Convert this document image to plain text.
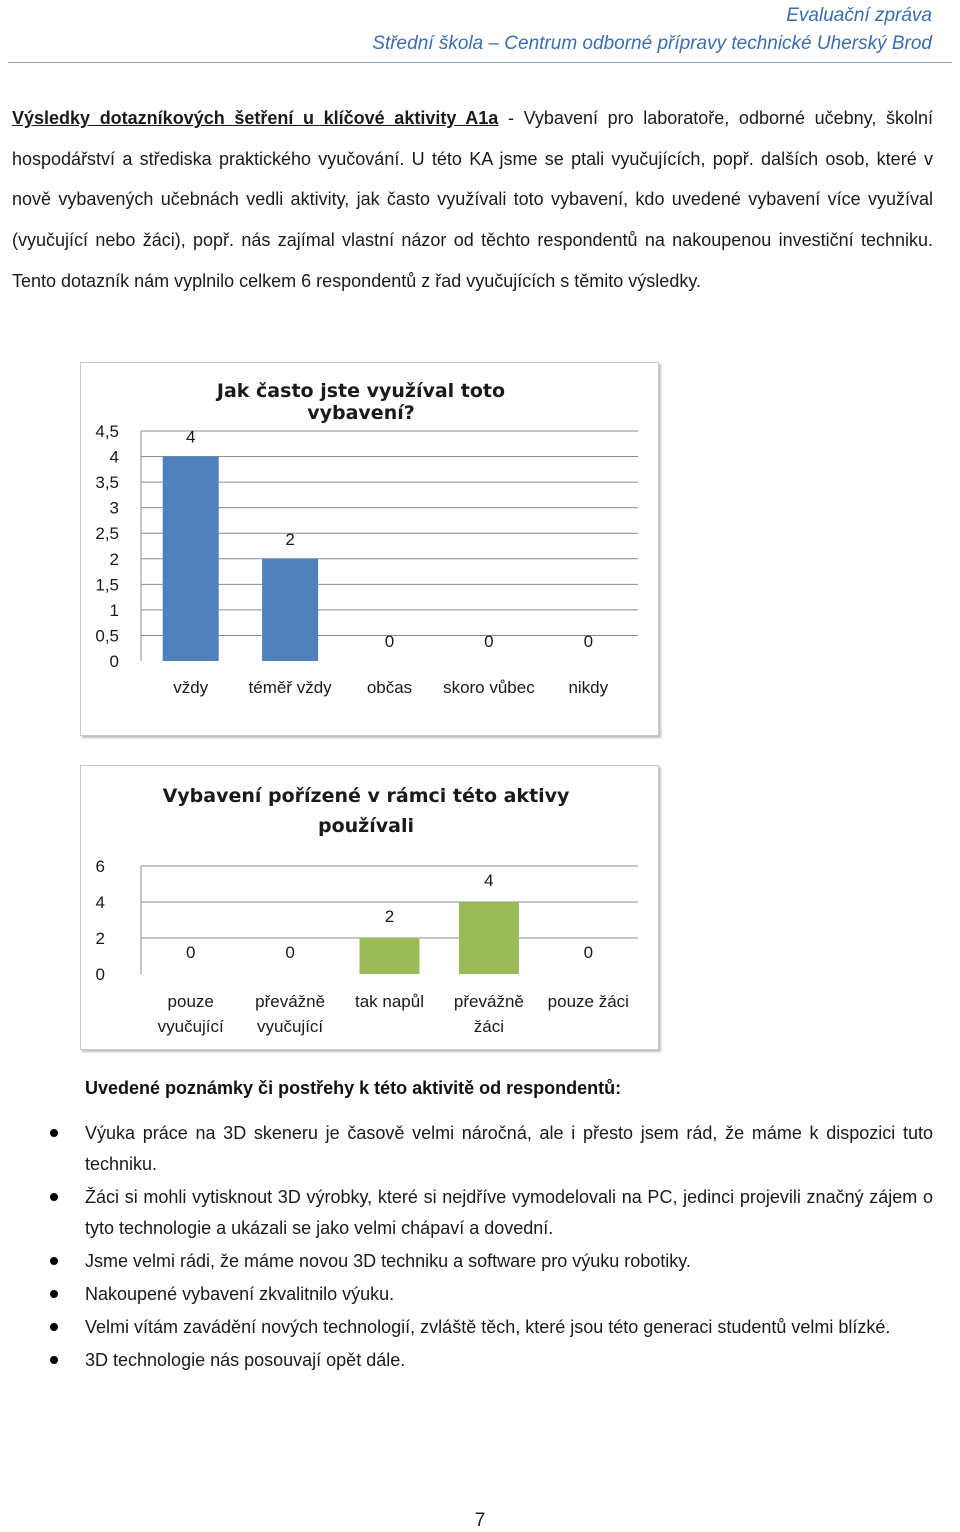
Evaluační zpráva
Střední škola – Centrum odborné přípravy technické Uherský Brod
Výsledky dotazníkových šetření u klíčové aktivity A1a - Vybavení pro laboratoře, odborné učebny, školní hospodářství a střediska praktického vyučování. U této KA jsme se ptali vyučujících, popř. dalších osob, které v nově vybavených učebnách vedli aktivity, jak často využívali toto vybavení, kdo uvedené vybavení více využíval (vyučující nebo žáci), popř. nás zajímal vlastní názor od těchto respondentů na nakoupenou investiční techniku. Tento dotazník nám vyplnilo celkem 6 respondentů z řad vyučujících s těmito výsledky.
Jak často jste využíval toto vybavení?
0
0,5
1
1,5
2
2,5
3
3,5
4
4,5	4
vždy
2
téměř vždy
0
občas
0
skoro vůbec
0
nikdy
Vybavení pořízené v rámci této aktivy používali
0
2
4
6
0
pouze vyučující
0
převážně vyučující
2
tak napůl
4
převážně žáci
0
pouze žáci
Uvedené poznámky či postřehy k této aktivitě od respondentů:
Výuka práce na 3D skeneru je časově velmi náročná, ale i přesto jsem rád, že máme k dispozici tuto techniku.
Žáci si mohli vytisknout 3D výrobky, které si nejdříve vymodelovali na PC, jedinci projevili značný zájem o tyto technologie a ukázali se jako velmi chápaví a dovední.
Jsme velmi rádi, že máme novou 3D techniku a software pro výuku robotiky.
Nakoupené vybavení zkvalitnilo výuku.
Velmi vítám zavádění nových technologií, zvláště těch, které jsou této generaci studentů velmi blízké.
3D technologie nás posouvají opět dále.
7
